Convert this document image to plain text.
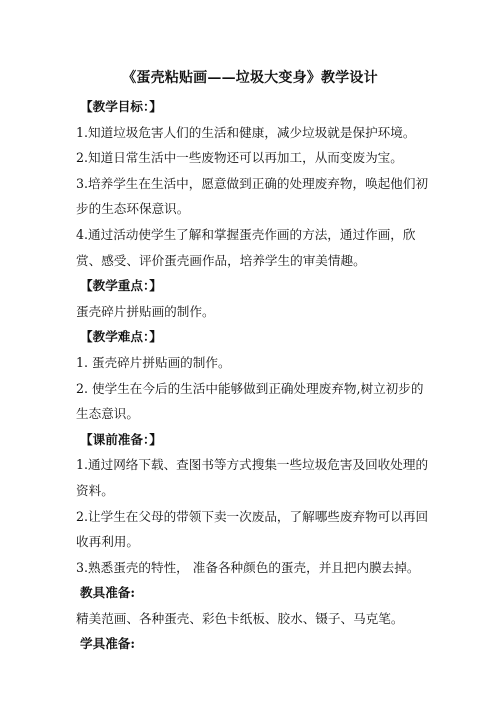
《蛋壳粘贴画——垃圾大变身》教学设计
【教学目标：】

1.知道垃圾危害人们的生活和健康，减少垃圾就是保护环境。

2.知道日常生活中一些废物还可以再加工，从而变废为宝。

3.培养学生在生活中，愿意做到正确的处理废弃物，唤起他们初步的生态环保意识。

4.通过活动使学生了解和掌握蛋壳作画的方法，通过作画，欣赏、感受、评价蛋壳画作品，培养学生的审美情趣。

【教学重点：】

蛋壳碎片拼贴画的制作。

【教学难点：】

1. 蛋壳碎片拼贴画的制作。

2. 使学生在今后的生活中能够做到正确处理废弃物,树立初步的生态意识。

【课前准备：】

1.通过网络下载、查图书等方式搜集一些垃圾危害及回收处理的资料。

2.让学生在父母的带领下卖一次废品，了解哪些废弃物可以再回收再利用。

3.熟悉蛋壳的特性， 准备各种颜色的蛋壳，并且把内膜去掉。

教具准备:

精美范画、各种蛋壳、彩色卡纸板、胶水、镊子、马克笔。

学具准备:
